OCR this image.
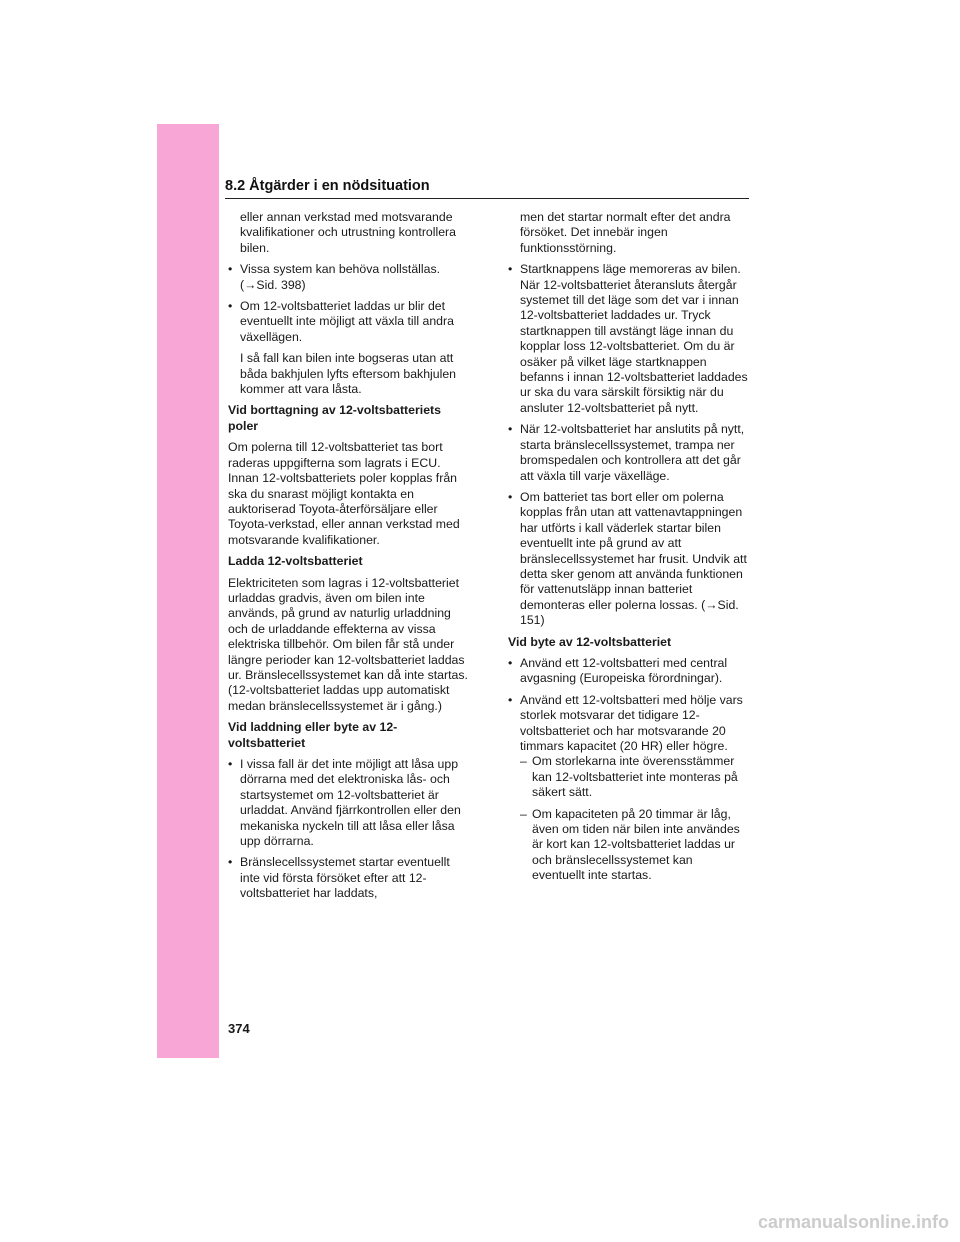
8.2 Åtgärder i en nödsituation

eller annan verkstad med motsvarande kvalifikationer och utrustning kontrollera bilen.

• Vissa system kan behöva nollställas. (→Sid. 398)

• Om 12-voltsbatteriet laddas ur blir det eventuellt inte möjligt att växla till andra växellägen.

I så fall kan bilen inte bogseras utan att båda bakhjulen lyfts eftersom bakhjulen kommer att vara låsta.

Vid borttagning av 12-voltsbatteriets poler

Om polerna till 12-voltsbatteriet tas bort raderas uppgifterna som lagrats i ECU. Innan 12-voltsbatteriets poler kopplas från ska du snarast möjligt kontakta en auktoriserad Toyota-återförsäljare eller Toyota-verkstad, eller annan verkstad med motsvarande kvalifikationer.

Ladda 12-voltsbatteriet

Elektriciteten som lagras i 12-voltsbatteriet urladdas gradvis, även om bilen inte används, på grund av naturlig urladdning och de urladdande effekterna av vissa elektriska tillbehör. Om bilen får stå under längre perioder kan 12-voltsbatteriet laddas ur. Bränslecellssystemet kan då inte startas. (12-voltsbatteriet laddas upp automatiskt medan bränslecellssystemet är i gång.)

Vid laddning eller byte av 12-voltsbatteriet

• I vissa fall är det inte möjligt att låsa upp dörrarna med det elektroniska lås- och startsystemet om 12-voltsbatteriet är urladdat. Använd fjärrkontrollen eller den mekaniska nyckeln till att låsa eller låsa upp dörrarna.

• Bränslecellssystemet startar eventuellt inte vid första försöket efter att 12-voltsbatteriet har laddats,

men det startar normalt efter det andra försöket. Det innebär ingen funktionsstörning.

• Startknappens läge memoreras av bilen. När 12-voltsbatteriet återansluts återgår systemet till det läge som det var i innan 12-voltsbatteriet laddades ur. Tryck startknappen till avstängt läge innan du kopplar loss 12-voltsbatteriet. Om du är osäker på vilket läge startknappen befanns i innan 12-voltsbatteriet laddades ur ska du vara särskilt försiktig när du ansluter 12-voltsbatteriet på nytt.

• När 12-voltsbatteriet har anslutits på nytt, starta bränslecellssystemet, trampa ner bromspedalen och kontrollera att det går att växla till varje växelläge.

• Om batteriet tas bort eller om polerna kopplas från utan att vattenavtappningen har utförts i kall väderlek startar bilen eventuellt inte på grund av att bränslecellssystemet har frusit. Undvik att detta sker genom att använda funktionen för vattenutsläpp innan batteriet demonteras eller polerna lossas. (→Sid. 151)

Vid byte av 12-voltsbatteriet

• Använd ett 12-voltsbatteri med central avgasning (Europeiska förordningar).

• Använd ett 12-voltsbatteri med hölje vars storlek motsvarar det tidigare 12-voltsbatteriet och har motsvarande 20 timmars kapacitet (20 HR) eller högre.

– Om storlekarna inte överensstämmer kan 12-voltsbatteriet inte monteras på säkert sätt.

– Om kapaciteten på 20 timmar är låg, även om tiden när bilen inte användes är kort kan 12-voltsbatteriet laddas ur och bränslecellssystemet kan eventuellt inte startas.

374
carmanualsonline.info
